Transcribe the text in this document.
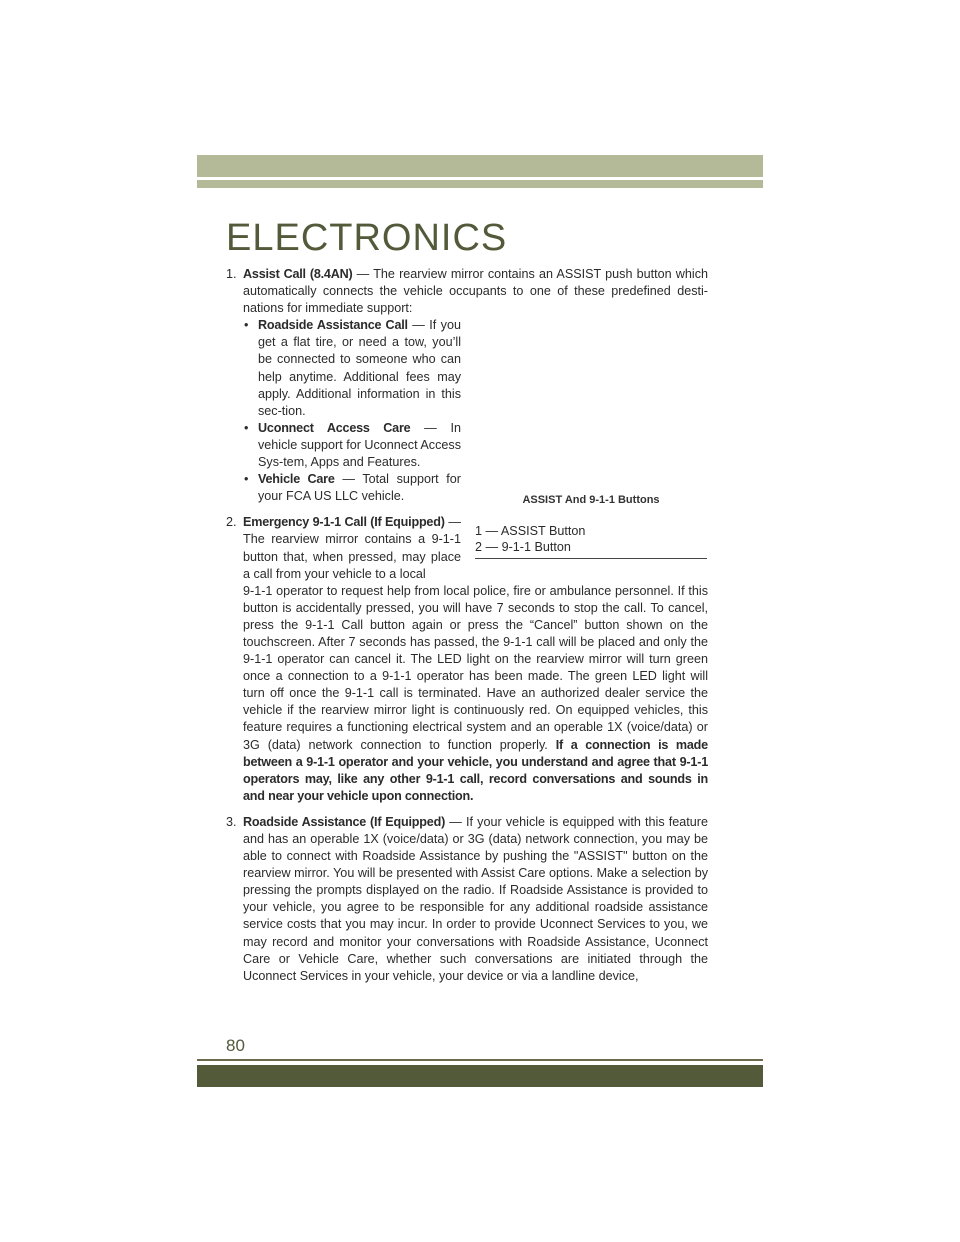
ELECTRONICS

1. Assist Call (8.4AN) — The rearview mirror contains an ASSIST push button which automatically connects the vehicle occupants to one of these predefined desti-nations for immediate support:

• Roadside Assistance Call — If you get a flat tire, or need a tow, you’ll be connected to someone who can help anytime. Additional fees may apply. Additional information in this sec-tion.

• Uconnect Access Care — In vehicle support for Uconnect Access Sys-tem, Apps and Features.

• Vehicle Care — Total support for your FCA US LLC vehicle.

2. Emergency 9-1-1 Call (If Equipped) — The rearview mirror contains a 9-1-1 button that, when pressed, may place a call from your vehicle to a local

9-1-1 operator to request help from local police, fire or ambulance personnel. If this button is accidentally pressed, you will have 7 seconds to stop the call. To cancel, press the 9-1-1 Call button again or press the “Cancel” button shown on the touchscreen. After 7 seconds has passed, the 9-1-1 call will be placed and only the 9-1-1 operator can cancel it. The LED light on the rearview mirror will turn green once a connection to a 9-1-1 operator has been made. The green LED light will turn off once the 9-1-1 call is terminated. Have an authorized dealer service the vehicle if the rearview mirror light is continuously red. On equipped vehicles, this feature requires a functioning electrical system and an operable 1X (voice/data) or 3G (data) network connection to function properly. If a connection is made between a 9-1-1 operator and your vehicle, you understand and agree that 9-1-1 operators may, like any other 9-1-1 call, record conversations and sounds in and near your vehicle upon connection.

3. Roadside Assistance (If Equipped) — If your vehicle is equipped with this feature and has an operable 1X (voice/data) or 3G (data) network connection, you may be able to connect with Roadside Assistance by pushing the "ASSIST" button on the rearview mirror. You will be presented with Assist Care options. Make a selection by pressing the prompts displayed on the radio. If Roadside Assistance is provided to your vehicle, you agree to be responsible for any additional roadside assistance service costs that you may incur. In order to provide Uconnect Services to you, we may record and monitor your conversations with Roadside Assistance, Uconnect Care or Vehicle Care, whether such conversations are initiated through the Uconnect Services in your vehicle, your device or via a landline device,

ASSIST And 9-1-1 Buttons
1 — ASSIST Button
2 — 9-1-1 Button
80
